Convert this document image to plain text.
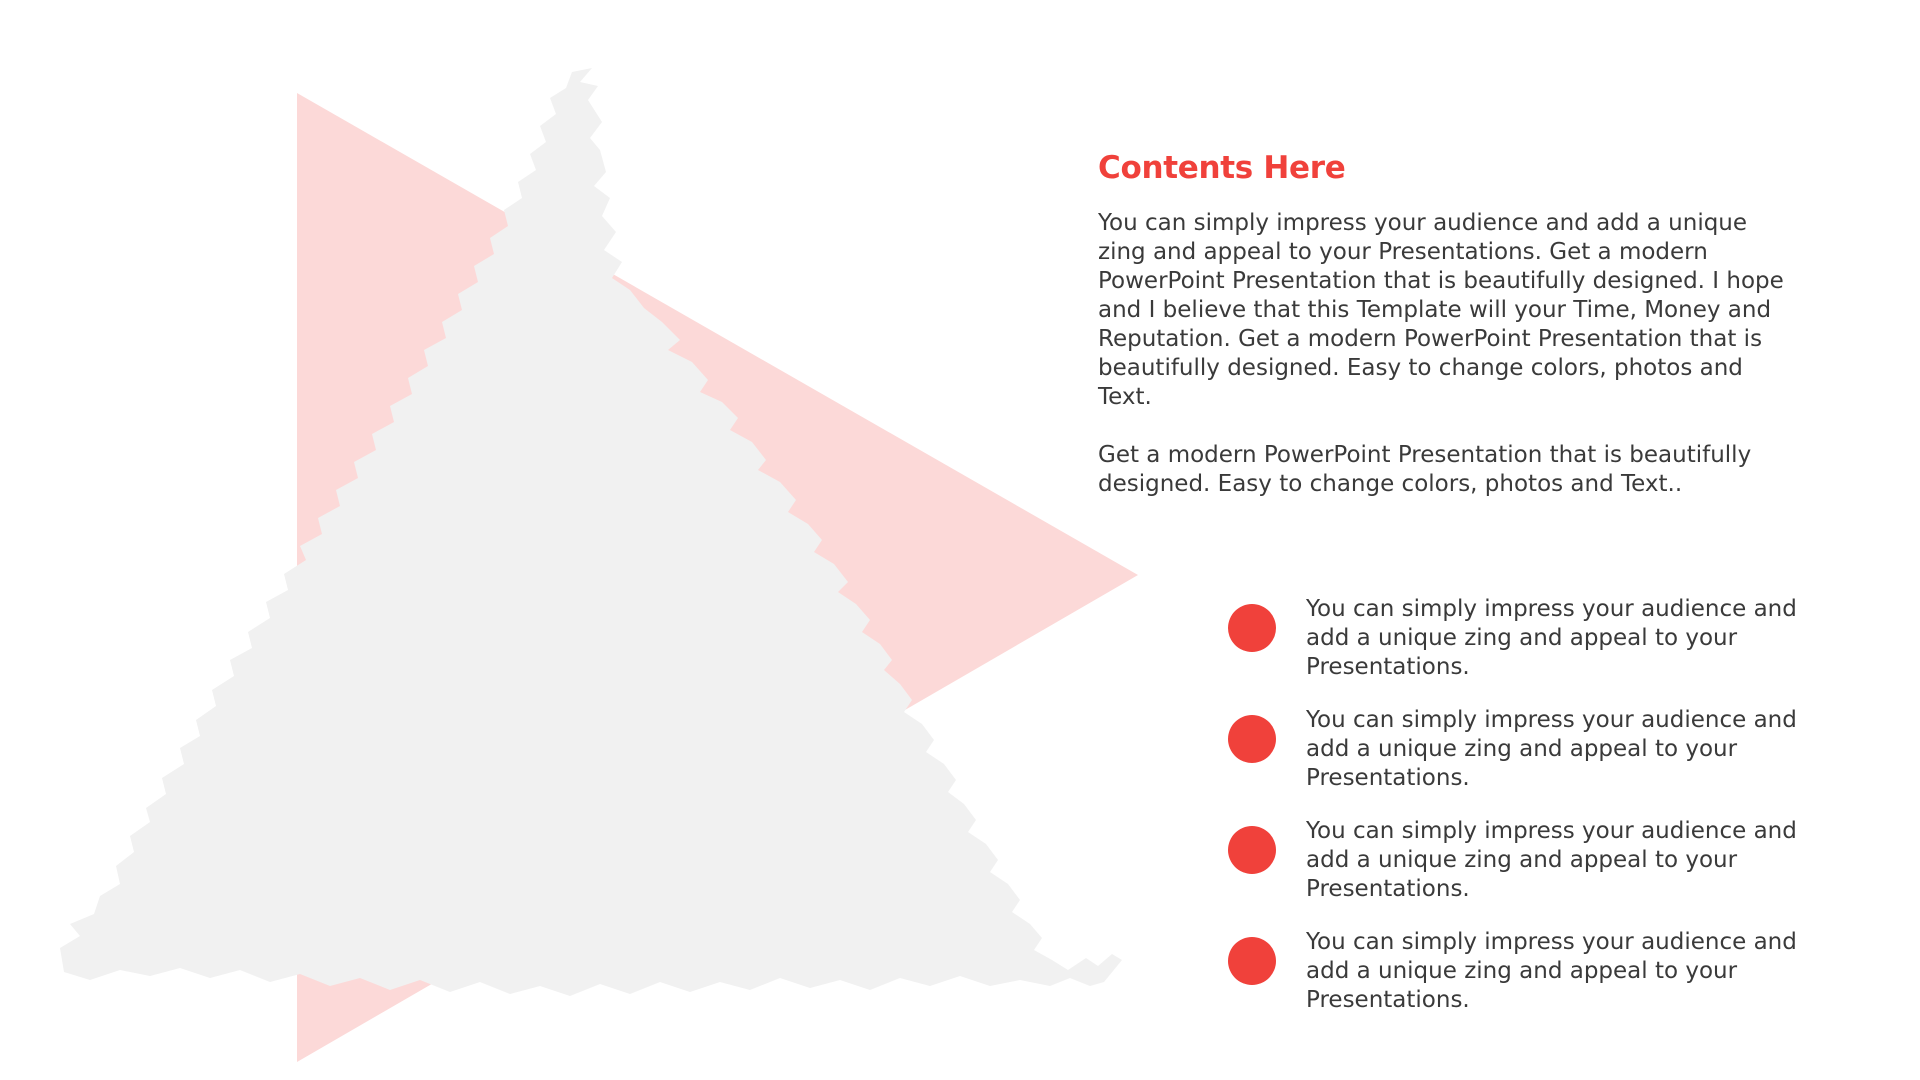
Contents Here

You can simply impress your audience and add a unique
zing and appeal to your Presentations. Get a modern
PowerPoint Presentation that is beautifully designed. I hope
and I believe that this Template will your Time, Money and
Reputation. Get a modern PowerPoint Presentation that is
beautifully designed. Easy to change colors, photos and
Text.

Get a modern PowerPoint Presentation that is beautifully
designed. Easy to change colors, photos and Text..

You can simply impress your audience and
add a unique zing and appeal to your
Presentations.

You can simply impress your audience and
add a unique zing and appeal to your
Presentations.

You can simply impress your audience and
add a unique zing and appeal to your
Presentations.

You can simply impress your audience and
add a unique zing and appeal to your
Presentations.
